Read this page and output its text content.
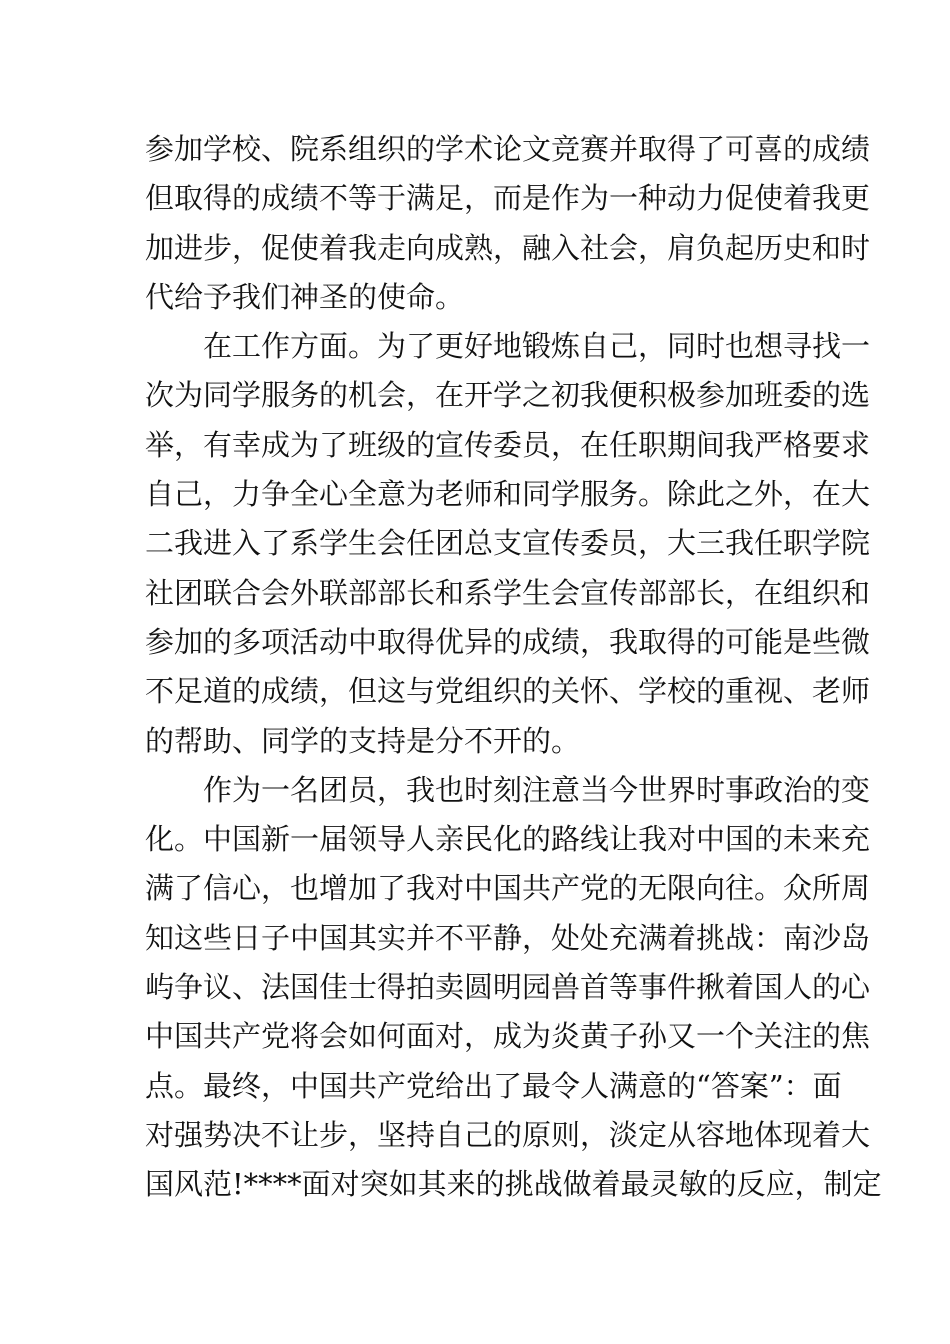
参加学校、院系组织的学术论文竞赛并取得了可喜的成绩
但取得的成绩不等于满足，而是作为一种动力促使着我更
加进步，促使着我走向成熟，融入社会，肩负起历史和时
代给予我们神圣的使命。
在工作方面。为了更好地锻炼自己，同时也想寻找一
次为同学服务的机会，在开学之初我便积极参加班委的选
举，有幸成为了班级的宣传委员，在任职期间我严格要求
自己，力争全心全意为老师和同学服务。除此之外，在大
二我进入了系学生会任团总支宣传委员，大三我任职学院
社团联合会外联部部长和系学生会宣传部部长，在组织和
参加的多项活动中取得优异的成绩，我取得的可能是些微
不足道的成绩，但这与党组织的关怀、学校的重视、老师
的帮助、同学的支持是分不开的。
作为一名团员，我也时刻注意当今世界时事政治的变
化。中国新一届领导人亲民化的路线让我对中国的未来充
满了信心，也增加了我对中国共产党的无限向往。众所周
知这些日子中国其实并不平静，处处充满着挑战：南沙岛
屿争议、法国佳士得拍卖圆明园兽首等事件揪着国人的心
中国共产党将会如何面对，成为炎黄子孙又一个关注的焦
点。最终，中国共产党给出了最令人满意的“答案”：面
对强势决不让步，坚持自己的原则，淡定从容地体现着大
国风范!****面对突如其来的挑战做着最灵敏的反应，制定
